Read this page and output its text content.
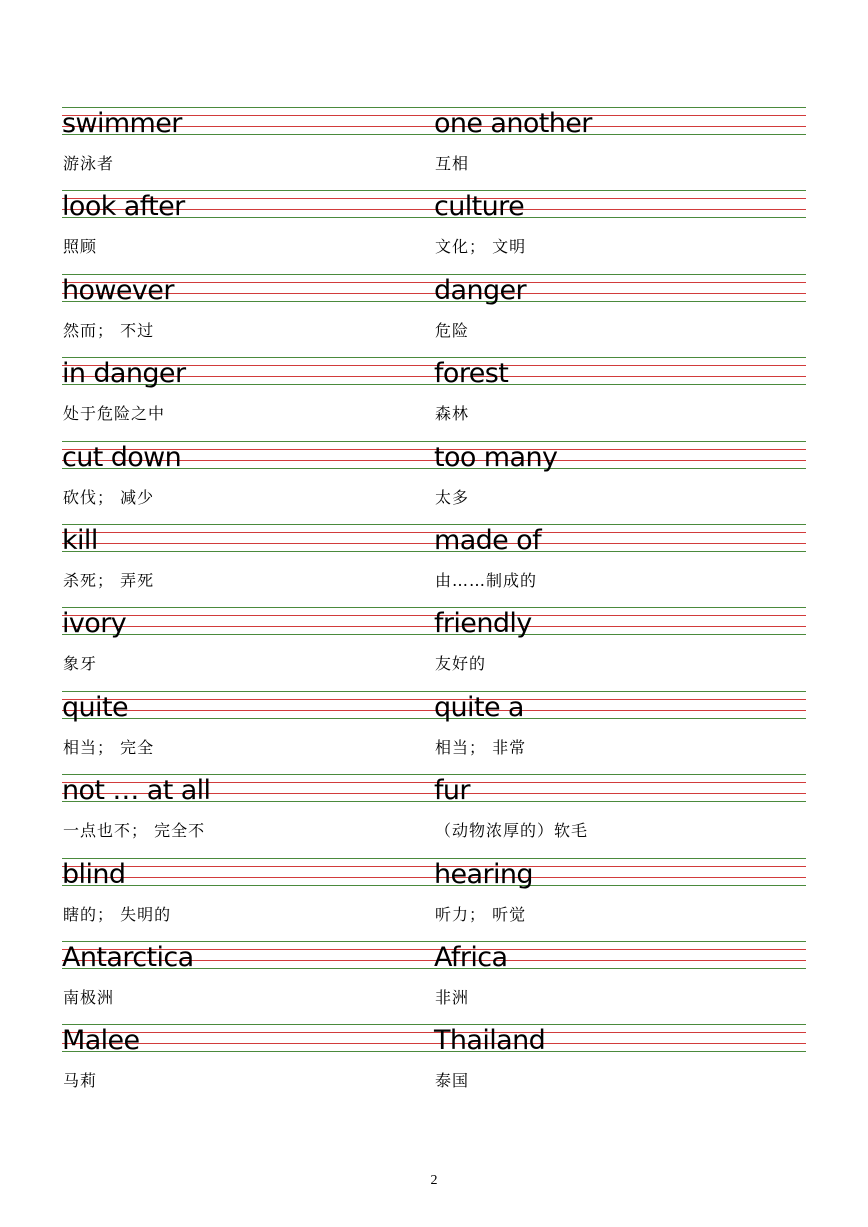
swimmer
游泳者
one another
互相
look after
照顾
culture
文化； 文明
however
然而； 不过
danger
危险
in danger
处于危险之中
forest
森林
cut down
砍伐； 减少
too many
太多
kill
杀死； 弄死
made of
由……制成的
ivory
象牙
friendly
友好的
quite
相当； 完全
quite a
相当； 非常
not … at all
一点也不； 完全不
fur
（动物浓厚的）软毛
blind
瞎的； 失明的
hearing
听力； 听觉
Antarctica
南极洲
Africa
非洲
Malee
马莉
Thailand
泰国
2
